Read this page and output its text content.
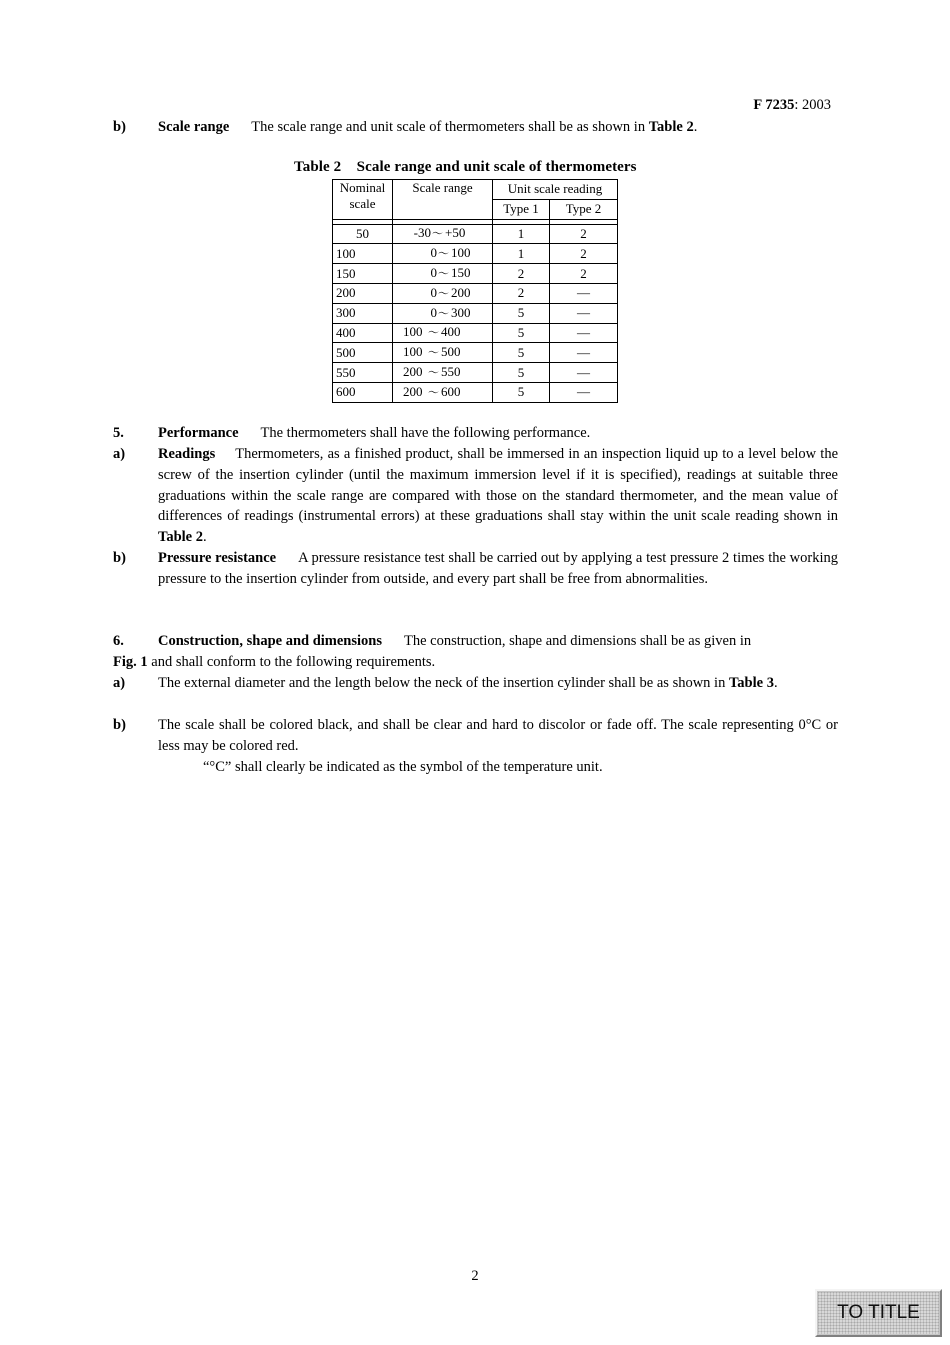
F 7235: 2003
b) Scale range The scale range and unit scale of thermometers shall be as shown in Table 2.
Table 2    Scale range and unit scale of thermometers
Nominal scale	Scale range	Unit scale reading	
		Type 1	Type 2

50	-30～ +50	1	2
100	0～ 100	1	2
150	0～ 150	2	2
200	0～ 200	2	—
300	0～ 300	5	—
400	100 ～ 400	5	—
500	100 ～ 500	5	—
550	200 ～ 550	5	—
600	200 ～ 600	5	—
5. Performance The thermometers shall have the following performance.
a) Readings Thermometers, as a finished product, shall be immersed in an inspection liquid up to a level below the screw of the insertion cylinder (until the maximum immersion level if it is specified), readings at suitable three graduations within the scale range are compared with those on the standard thermometer, and the mean value of differences of readings (instrumental errors) at these graduations shall stay within the unit scale reading shown in Table 2.
b) Pressure resistance A pressure resistance test shall be carried out by applying a test pressure 2 times the working pressure to the insertion cylinder from outside, and every part shall be free from abnormalities.
6. Construction, shape and dimensions The construction, shape and dimensions shall be as given in
Fig. 1 and shall conform to the following requirements.
a) The external diameter and the length below the neck of the insertion cylinder shall be as shown in Table 3.
b) The scale shall be colored black, and shall be clear and hard to discolor or fade off. The scale representing 0°C or less may be colored red.
“°C” shall clearly be indicated as the symbol of the temperature unit.
2
TO TITLE
